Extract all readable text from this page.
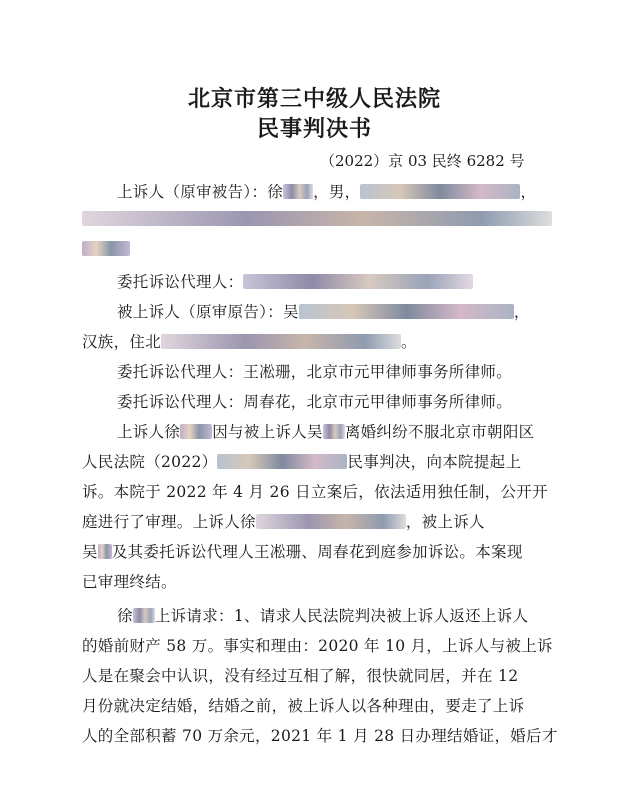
北京市第三中级人民法院
民事判决书
（2022）京 03 民终 6282 号
上诉人（原审被告）：徐 ，男，	，
委托诉讼代理人：
被上诉人（原审原告）：吴	，
汉族，住北	。
委托诉讼代理人：王凇珊，北京市元甲律师事务所律师。
委托诉讼代理人：周春花，北京市元甲律师事务所律师。
上诉人徐 因与被上诉人吴 离婚纠纷不服北京市朝阳区
人民法院（2022）	民事判决，向本院提起上
诉。本院于 2022 年 4 月 26 日立案后，依法适用独任制，公开开
庭进行了审理。上诉人徐	，被上诉人
吴 及其委托诉讼代理人王凇珊、周春花到庭参加诉讼。本案现
已审理终结。
徐 上诉请求：1、请求人民法院判决被上诉人返还上诉人
的婚前财产 58 万。事实和理由：2020 年 10 月，上诉人与被上诉
人是在聚会中认识，没有经过互相了解，很快就同居，并在 12
月份就决定结婚，结婚之前，被上诉人以各种理由，要走了上诉
人的全部积蓄 70 万余元，2021 年 1 月 28 日办理结婚证，婚后才
